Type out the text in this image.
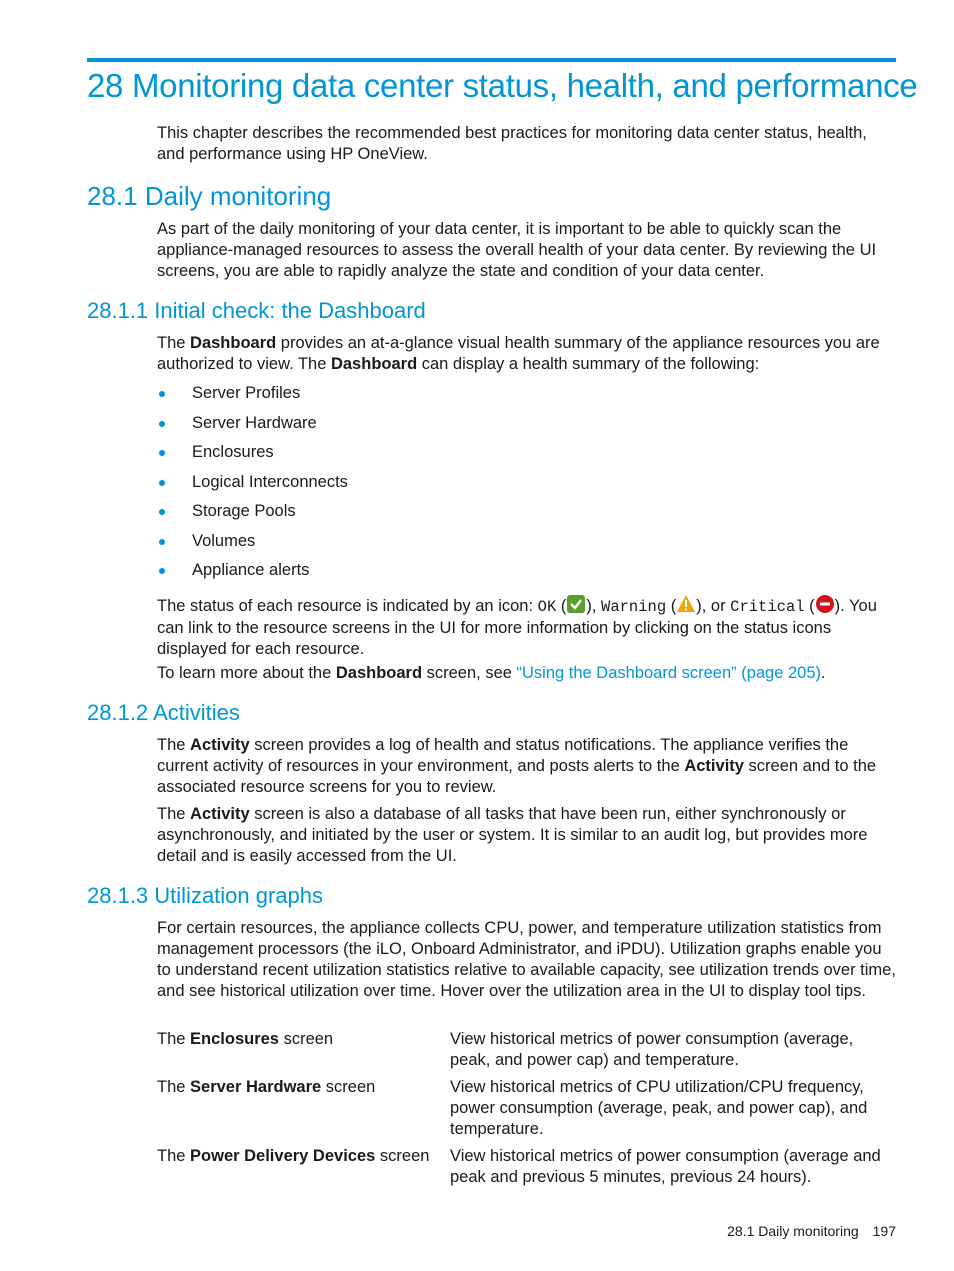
28 Monitoring data center status, health, and performance

This chapter describes the recommended best practices for monitoring data center status, health, and performance using HP OneView.

28.1 Daily monitoring

As part of the daily monitoring of your data center, it is important to be able to quickly scan the appliance-managed resources to assess the overall health of your data center. By reviewing the UI screens, you are able to rapidly analyze the state and condition of your data center.

28.1.1 Initial check: the Dashboard

The Dashboard provides an at-a-glance visual health summary of the appliance resources you are authorized to view. The Dashboard can display a health summary of the following:

Server Profiles
Server Hardware
Enclosures
Logical Interconnects
Storage Pools
Volumes
Appliance alerts

The status of each resource is indicated by an icon: OK ( ), Warning ( ), or Critical ( ). You can link to the resource screens in the UI for more information by clicking on the status icons displayed for each resource.

To learn more about the Dashboard screen, see “Using the Dashboard screen” (page 205).

28.1.2 Activities

The Activity screen provides a log of health and status notifications. The appliance verifies the current activity of resources in your environment, and posts alerts to the Activity screen and to the associated resource screens for you to review.

The Activity screen is also a database of all tasks that have been run, either synchronously or asynchronously, and initiated by the user or system. It is similar to an audit log, but provides more detail and is easily accessed from the UI.

28.1.3 Utilization graphs

For certain resources, the appliance collects CPU, power, and temperature utilization statistics from management processors (the iLO, Onboard Administrator, and iPDU). Utilization graphs enable you to understand recent utilization statistics relative to available capacity, see utilization trends over time, and see historical utilization over time. Hover over the utilization area in the UI to display tool tips.

The Enclosures screen	View historical metrics of power consumption (average, peak, and power cap) and temperature.
The Server Hardware screen	View historical metrics of CPU utilization/CPU frequency, power consumption (average, peak, and power cap), and temperature.
The Power Delivery Devices screen	View historical metrics of power consumption (average and peak and previous 5 minutes, previous 24 hours).
28.1 Daily monitoring 197
